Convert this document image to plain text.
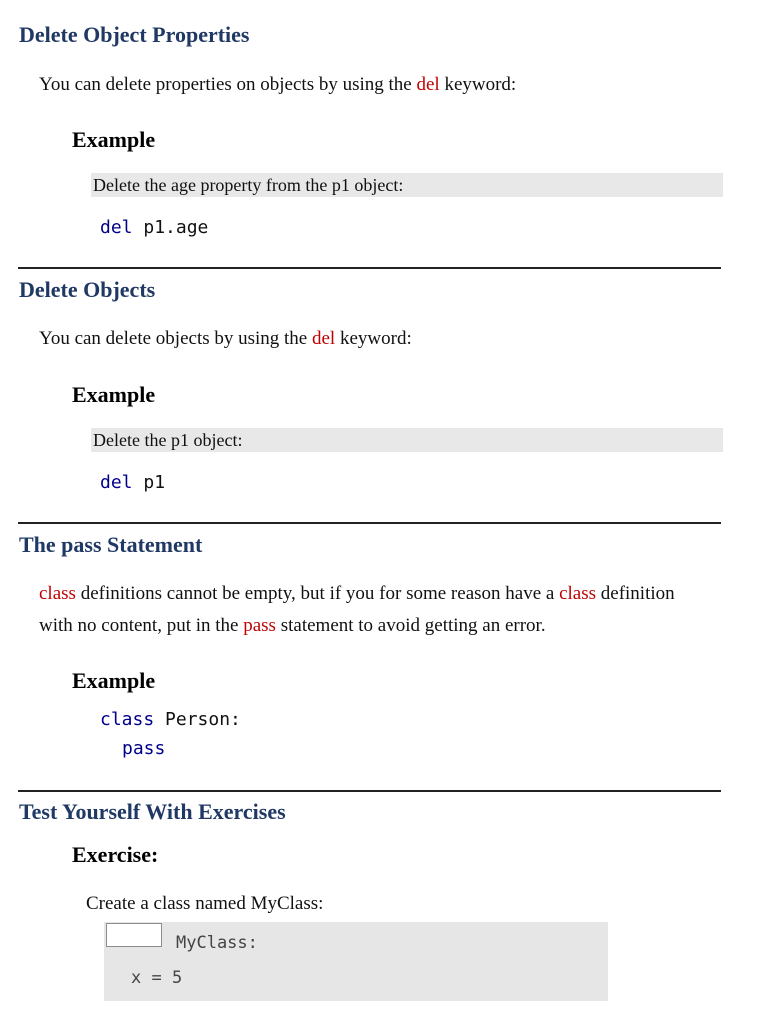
Delete Object Properties
You can delete properties on objects by using the del keyword:
Example
Delete the age property from the p1 object:
del p1.age
Delete Objects
You can delete objects by using the del keyword:
Example
Delete the p1 object:
del p1
The pass Statement
class definitions cannot be empty, but if you for some reason have a class definition
with no content, put in the pass statement to avoid getting an error.
Example
class Person:
pass
Test Yourself With Exercises
Exercise:
Create a class named MyClass:
MyClass:
x = 5
